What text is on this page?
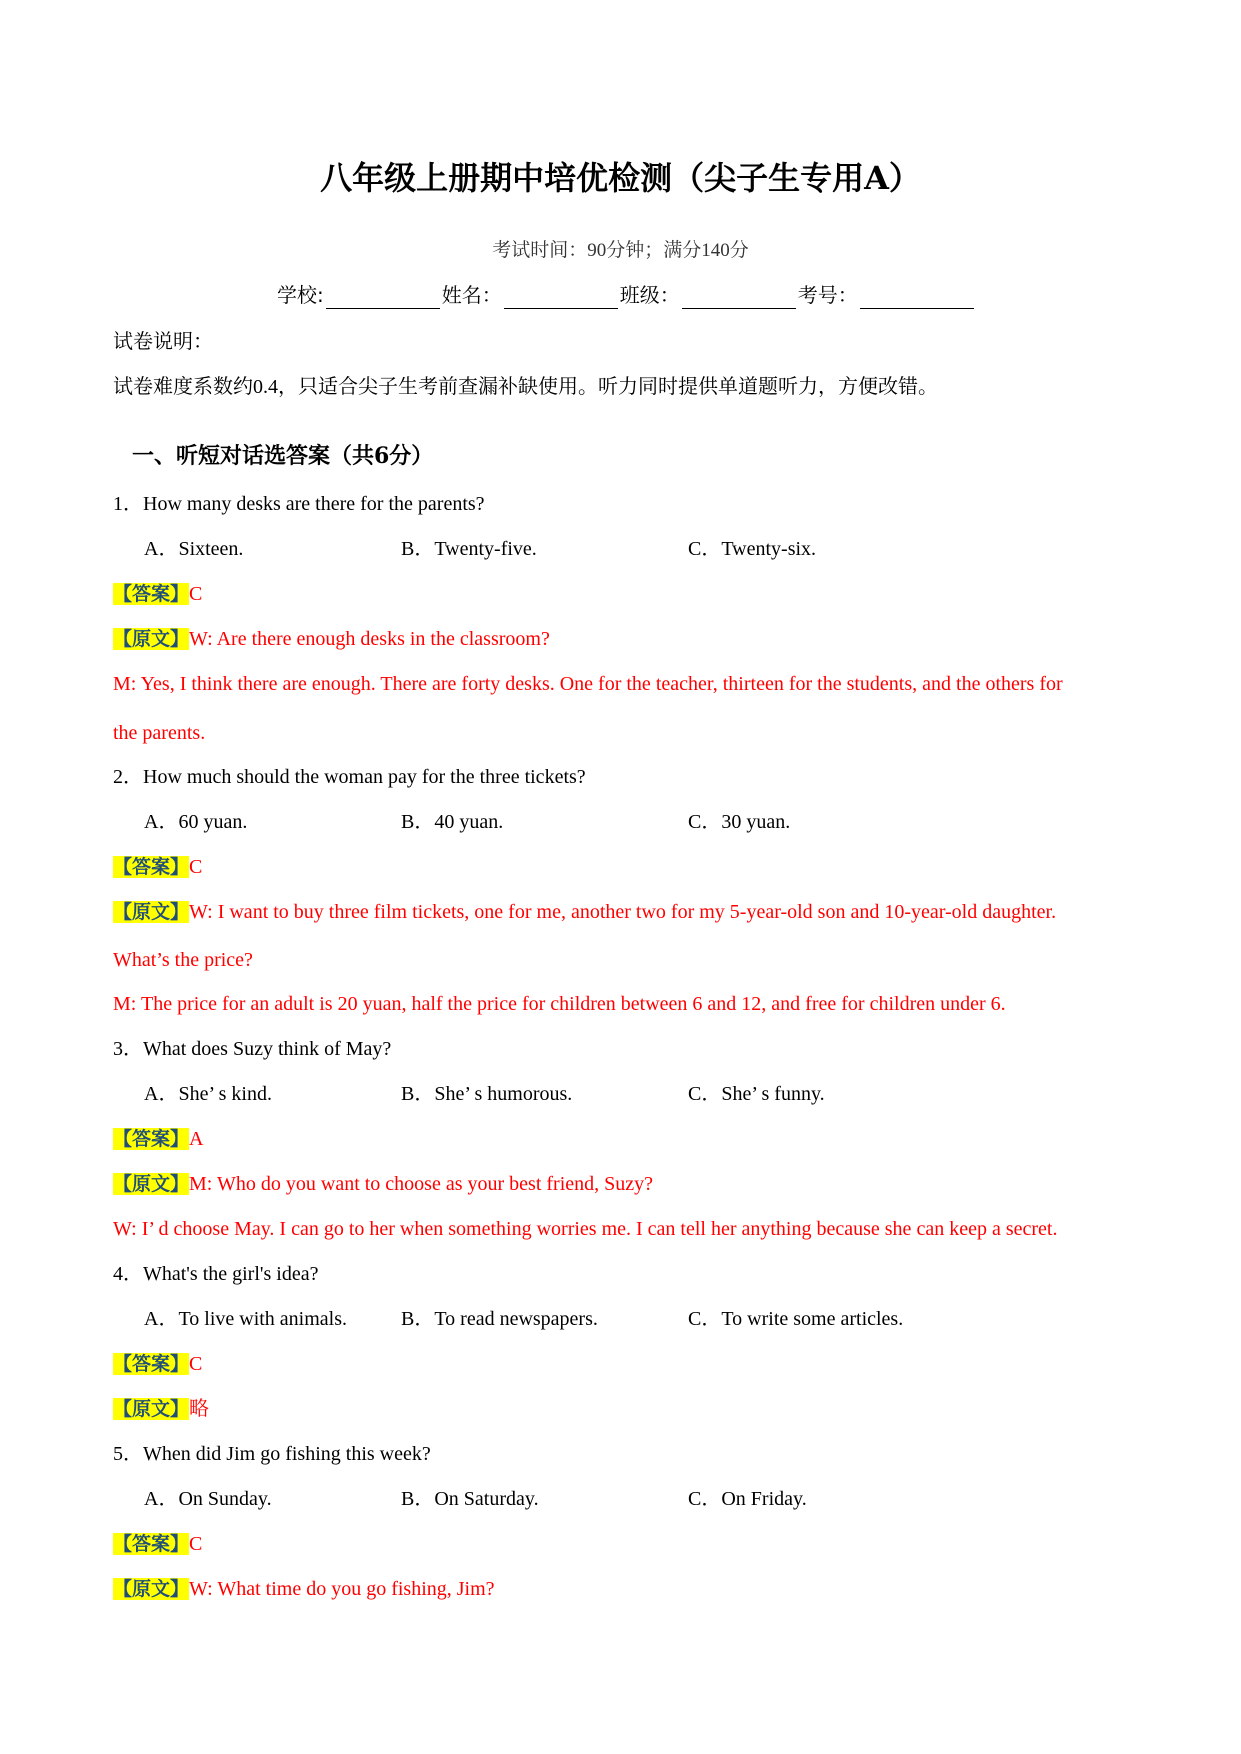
八年级上册期中培优检测（尖子生专用A）
考试时间：90分钟；满分140分
学校:	姓名：	班级：	考号：
试卷说明：
试卷难度系数约0.4，只适合尖子生考前查漏补缺使用。听力同时提供单道题听力，方便改错。
一、听短对话选答案（共6分）
1．How many desks are there for the parents?
A．Sixteen.	B．Twenty-five.	C．Twenty-six.
【答案】C
【原文】W: Are there enough desks in the classroom?
M: Yes, I think there are enough. There are forty desks. One for the teacher, thirteen for the students, and the others for
the parents.
2．How much should the woman pay for the three tickets?
A．60 yuan.	B．40 yuan.	C．30 yuan.
【答案】C
【原文】W: I want to buy three film tickets, one for me, another two for my 5-year-old son and 10-year-old daughter.
What’s the price?
M: The price for an adult is 20 yuan, half the price for children between 6 and 12, and free for children under 6.
3．What does Suzy think of May?
A．She’ s kind.	B．She’ s humorous.	C．She’ s funny.
【答案】A
【原文】M: Who do you want to choose as your best friend, Suzy?
W: I’ d choose May. I can go to her when something worries me. I can tell her anything because she can keep a secret.
4．What's the girl's idea?
A．To live with animals.	B．To read newspapers.	C．To write some articles.
【答案】C
【原文】略
5．When did Jim go fishing this week?
A．On Sunday.	B．On Saturday.	C．On Friday.
【答案】C
【原文】W: What time do you go fishing, Jim?
